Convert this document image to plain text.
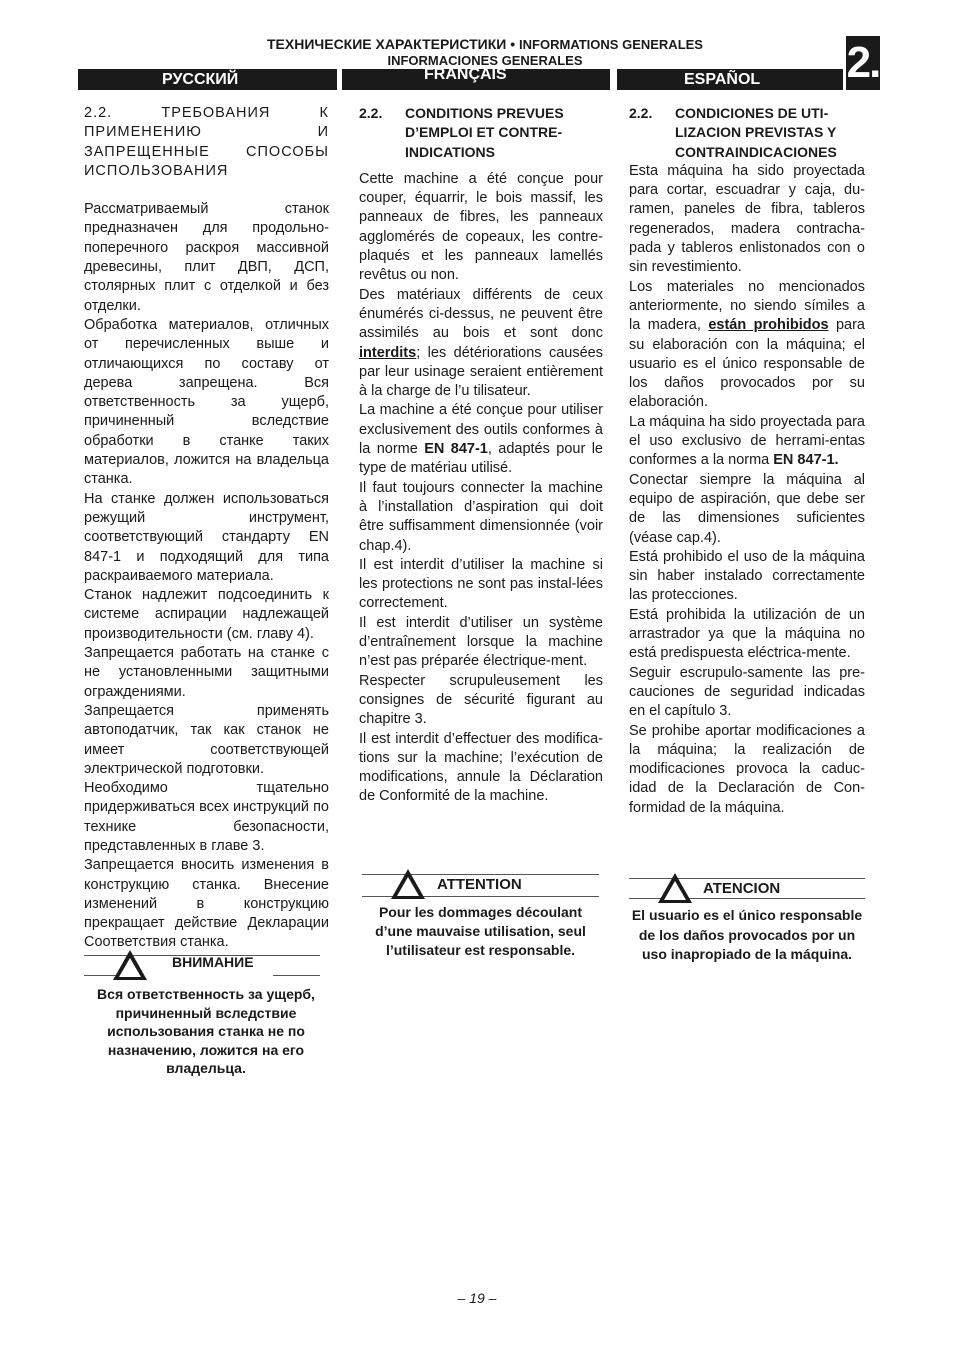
ТЕХНИЧЕСКИЕ ХАРАКТЕРИСТИКИ • INFORMATIONS GENERALES
INFORMACIONES GENERALES	2.
РУССКИЙ	FRANÇAIS	ESPAÑOL

2.2.	ТРЕБОВАНИЯ К ПРИМЕНЕНИЮ И ЗАПРЕЩЕННЫЕ СПОСОБЫ ИСПОЛЬЗОВАНИЯ

Рассматриваемый станок предназначен для продольно-поперечного раскроя массивной древесины, плит ДВП, ДСП, столярных плит с отделкой и без отделки.

Обработка материалов, отличных от перечисленных выше и отличающихся по составу от дерева запрещена. Вся ответственность за ущерб, причиненный вследствие обработки в станке таких материалов, ложится на владельца станка.

На станке должен использоваться режущий инструмент, соответствующий стандарту EN 847-1 и подходящий для типа раскраиваемого материала.

Станок надлежит подсоединить к системе аспирации надлежащей производительности (см. главу 4).

Запрещается работать на станке с не установленными защитными ограждениями.

Запрещается применять автоподатчик, так как станок не имеет соответствующей электрической подготовки.

Необходимо тщательно придерживаться всех инструкций по технике безопасности, представленных в главе 3.

Запрещается вносить изменения в конструкцию станка. Внесение изменений в конструкцию прекращает действие Декларации Соответствия станка.

2.2.	CONDITIONS PREVUES D’EMPLOI ET CONTRE-INDICATIONS

Cette machine a été conçue pour couper, équarrir, le bois massif, les panneaux de fibres, les panneaux agglomérés de copeaux, les contre-plaqués et les panneaux lamellés revêtus ou non.

Des matériaux différents de ceux énumérés ci-dessus, ne peuvent être assimilés au bois et sont donc interdits; les détériorations causées par leur usinage seraient entièrement à la charge de l’u tilisateur.

La machine a été conçue pour utiliser exclusivement des outils conformes à la norme EN 847-1, adaptés pour le type de matériau utilisé.

Il faut toujours connecter la machine à l’installation d’aspiration qui doit être suffisamment dimensionnée (voir chap.4).

Il est interdit d’utiliser la machine si les protections ne sont pas instal-lées correctement.

Il est interdit d’utiliser un système d’entraînement lorsque la machine n’est pas préparée électrique-ment.

Respecter scrupuleusement les consignes de sécurité figurant au chapitre 3.

Il est interdit d’effectuer des modifica-tions sur la machine; l’exécution de modifications, annule la Déclaration de Conformité de la machine.

2.2.	CONDICIONES DE UTI-LIZACION PREVISTAS Y CONTRAINDICACIONES

Esta máquina ha sido proyectada para cortar, escuadrar y caja, du-ramen, paneles de fibra, tableros regenerados, madera contracha-pada y tableros enlistonados con o sin revestimiento.

Los materiales no mencionados anteriormente, no siendo símiles a la madera, están prohibidos para su elaboración con la máquina; el usuario es el único responsable de los daños provocados por su elaboración.

La máquina ha sido proyectada para el uso exclusivo de herrami-entas conformes a la norma EN 847-1.

Conectar siempre la máquina al equipo de aspiración, que debe ser de las dimensiones suficientes (véase cap.4).

Está prohibido el uso de la máquina sin haber instalado correctamente las protecciones.

Está prohibida la utilización de un arrastrador ya que la máquina no está predispuesta eléctrica-mente.

Seguir escrupulo-samente las pre-cauciones de seguridad indicadas en el capítulo 3.

Se prohibe aportar modificaciones a la máquina; la realización de modificaciones provoca la caduc-idad de la Declaración de Con-formidad de la máquina.

ВНИМАНИЕ
Вся ответственность за ущерб, причиненный вследствие использования станка не по назначению, ложится на его владельца.
ATTENTION
Pour les dommages découlant d’une mauvaise utilisation, seul l’utilisateur est responsable.
ATENCION
El usuario es el único responsable de los daños provocados por un uso inapropiado de la máquina.
– 19 –
